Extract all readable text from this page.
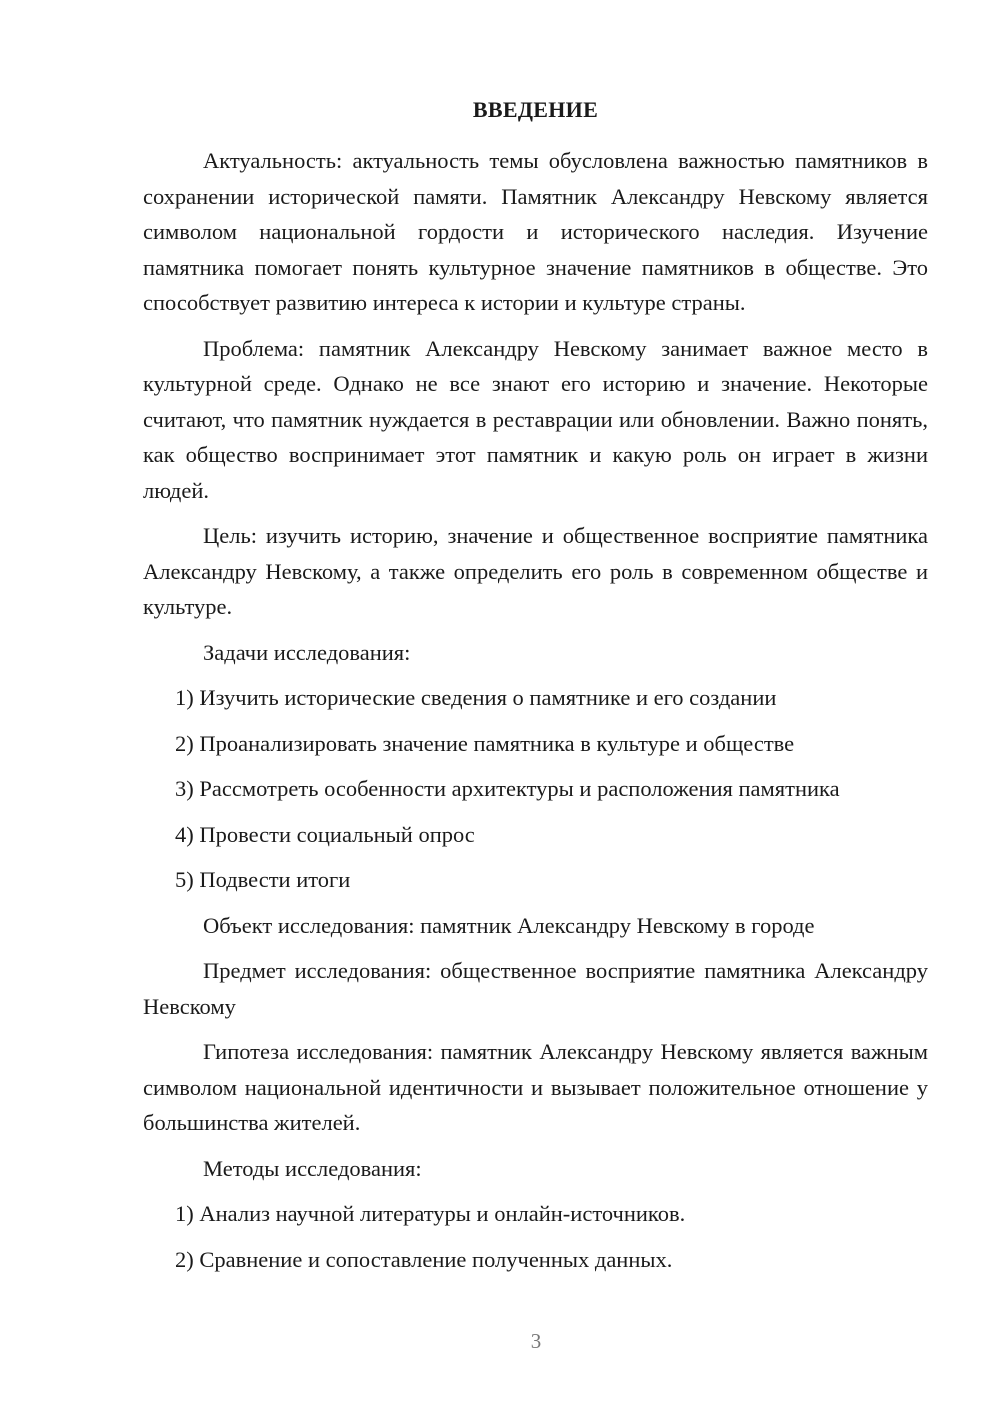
ВВЕДЕНИЕ

Актуальность: актуальность темы обусловлена важностью памятников в сохранении исторической памяти. Памятник Александру Невскому является символом национальной гордости и исторического наследия. Изучение памятника помогает понять культурное значение памятников в обществе. Это способствует развитию интереса к истории и культуре страны.

Проблема: памятник Александру Невскому занимает важное место в культурной среде. Однако не все знают его историю и значение. Некоторые считают, что памятник нуждается в реставрации или обновлении. Важно понять, как общество воспринимает этот памятник и какую роль он играет в жизни людей.

Цель: изучить историю, значение и общественное восприятие памятника Александру Невскому, а также определить его роль в современном обществе и культуре.

Задачи исследования:

1) Изучить исторические сведения о памятнике и его создании
2) Проанализировать значение памятника в культуре и обществе
3) Рассмотреть особенности архитектуры и расположения памятника
4) Провести социальный опрос
5) Подвести итоги

Объект исследования: памятник Александру Невскому в городе

Предмет исследования: общественное восприятие памятника Александру Невскому

Гипотеза исследования: памятник Александру Невскому является важным символом национальной идентичности и вызывает положительное отношение у большинства жителей.

Методы исследования:

1) Анализ научной литературы и онлайн-источников.
2) Сравнение и сопоставление полученных данных.
3
